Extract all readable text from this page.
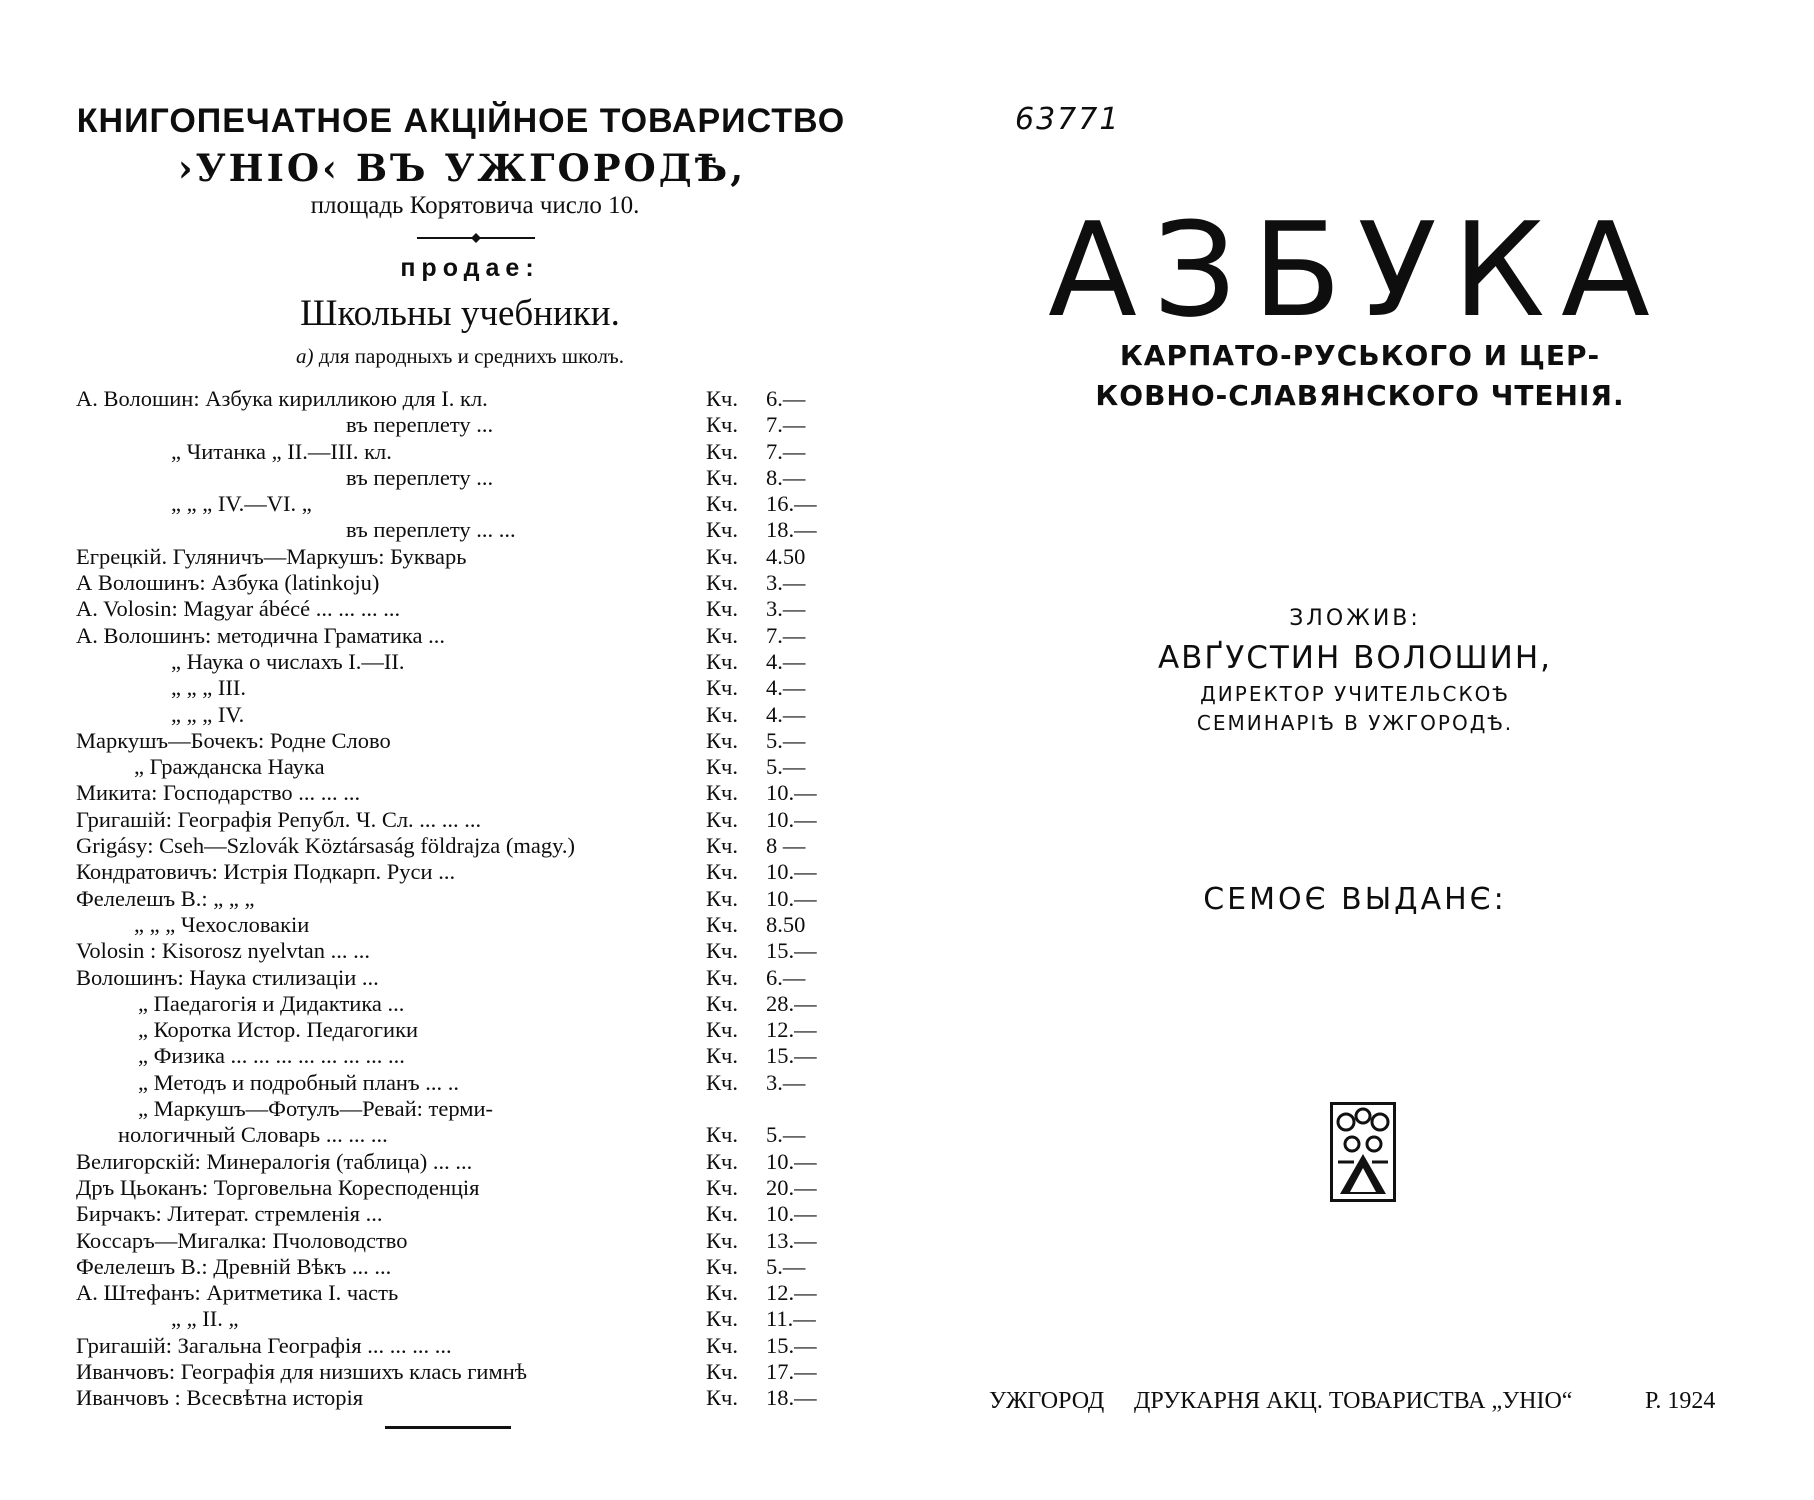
КНИГОПЕЧАТНОЕ АКЦІЙНОЕ ТОВАРИСТВО
›УНІО‹ ВЪ УЖГОРОДѢ,
площадь Корятовича число 10.
продае:
Школьны учебники.
a) для пародныхъ и среднихъ школъ.
А. Волошин: Азбука кирилликою для I. кл.	Кч. 6.—
въ переплету ...	Кч. 7.—
„ Читанка „ II.—III. кл.	Кч. 7.—
въ переплету ...	Кч. 8.—
„ „ „ IV.—VI. „	Кч. 16.—
въ переплету ... ...	Кч. 18.—
Егрецкій. Гуляничъ—Маркушъ: Букварь	Кч. 4.50
А Волошинъ: Азбука (latinkoju)	Кч. 3.—
A. Volosin: Magyar ábécé ... ... ... ...	Кч. 3.—
А. Волошинъ: методична Граматика ...	Кч. 7.—
„ Наука о числахъ I.—II.	Кч. 4.—
„ „ „ III.	Кч. 4.—
„ „ „ IV.	Кч. 4.—
Маркушъ—Бочекъ: Родне Слово	Кч. 5.—
„ Гражданска Наука	Кч. 5.—
Микита: Господарство ... ... ...	Кч. 10.—
Григашій: Географія Републ. Ч. Сл. ... ... ...	Кч. 10.—
Grigásy: Cseh—Szlovák Köztársaság földrajza (magy.)	Кч. 8 —
Кондратовичъ: Истрія Подкарп. Руси ...	Кч. 10.—
Фелелешъ В.: „ „ „	Кч. 10.—
„ „ „ Чехословакіи	Кч. 8.50
Volosin : Kisorosz nyelvtan ... ...	Кч. 15.—
Волошинъ: Наука стилизаціи ...	Кч. 6.—
„ Паедагогія и Дидактика ...	Кч. 28.—
„ Коротка Истор. Педагогики	Кч. 12.—
„ Физика ... ... ... ... ... ... ... ...	Кч. 15.—
„ Методъ и подробный планъ ... ..	Кч. 3.—
„ Маркушъ—Фотулъ—Ревай: терми-
нологичный Словарь ... ... ...	Кч. 5.—
Велигорскій: Минералогія (таблица) ... ...	Кч. 10.—
Дръ Цьоканъ: Торговельна Коресподенція	Кч. 20.—
Бирчакъ: Литерат. стремленія ...	Кч. 10.—
Коссаръ—Мигалка: Пчоловодство	Кч. 13.—
Фелелешъ В.: Древній Вѣкъ ... ...	Кч. 5.—
А. Штефанъ: Аритметика I. часть	Кч. 12.—
„ „ II. „	Кч. 11.—
Григашій: Загальна Географія ... ... ... ...	Кч. 15.—
Иванчовъ: Географія для низшихъ клась гимнѣ	Кч. 17.—
Иванчовъ : Всесвѣтна исторія	Кч. 18.—
63771
АЗБУКА
КАРПАТО-РУСЬКОГО И ЦЕР-
КОВНО-СЛАВЯНСКОГО ЧТЕНІЯ.
ЗЛОЖИВ:
АВҐУСТИН ВОЛОШИН,
ДИРЕКТОР УЧИТЕЛЬСКОѢ
СЕМИНАРІѢ В УЖГОРОДѢ.
СЕМОЄ ВЫДАНЄ:
УЖГОРОД ДРУКАРНЯ АКЦ. ТОВАРИСТВА „УНІО“	Р. 1924
